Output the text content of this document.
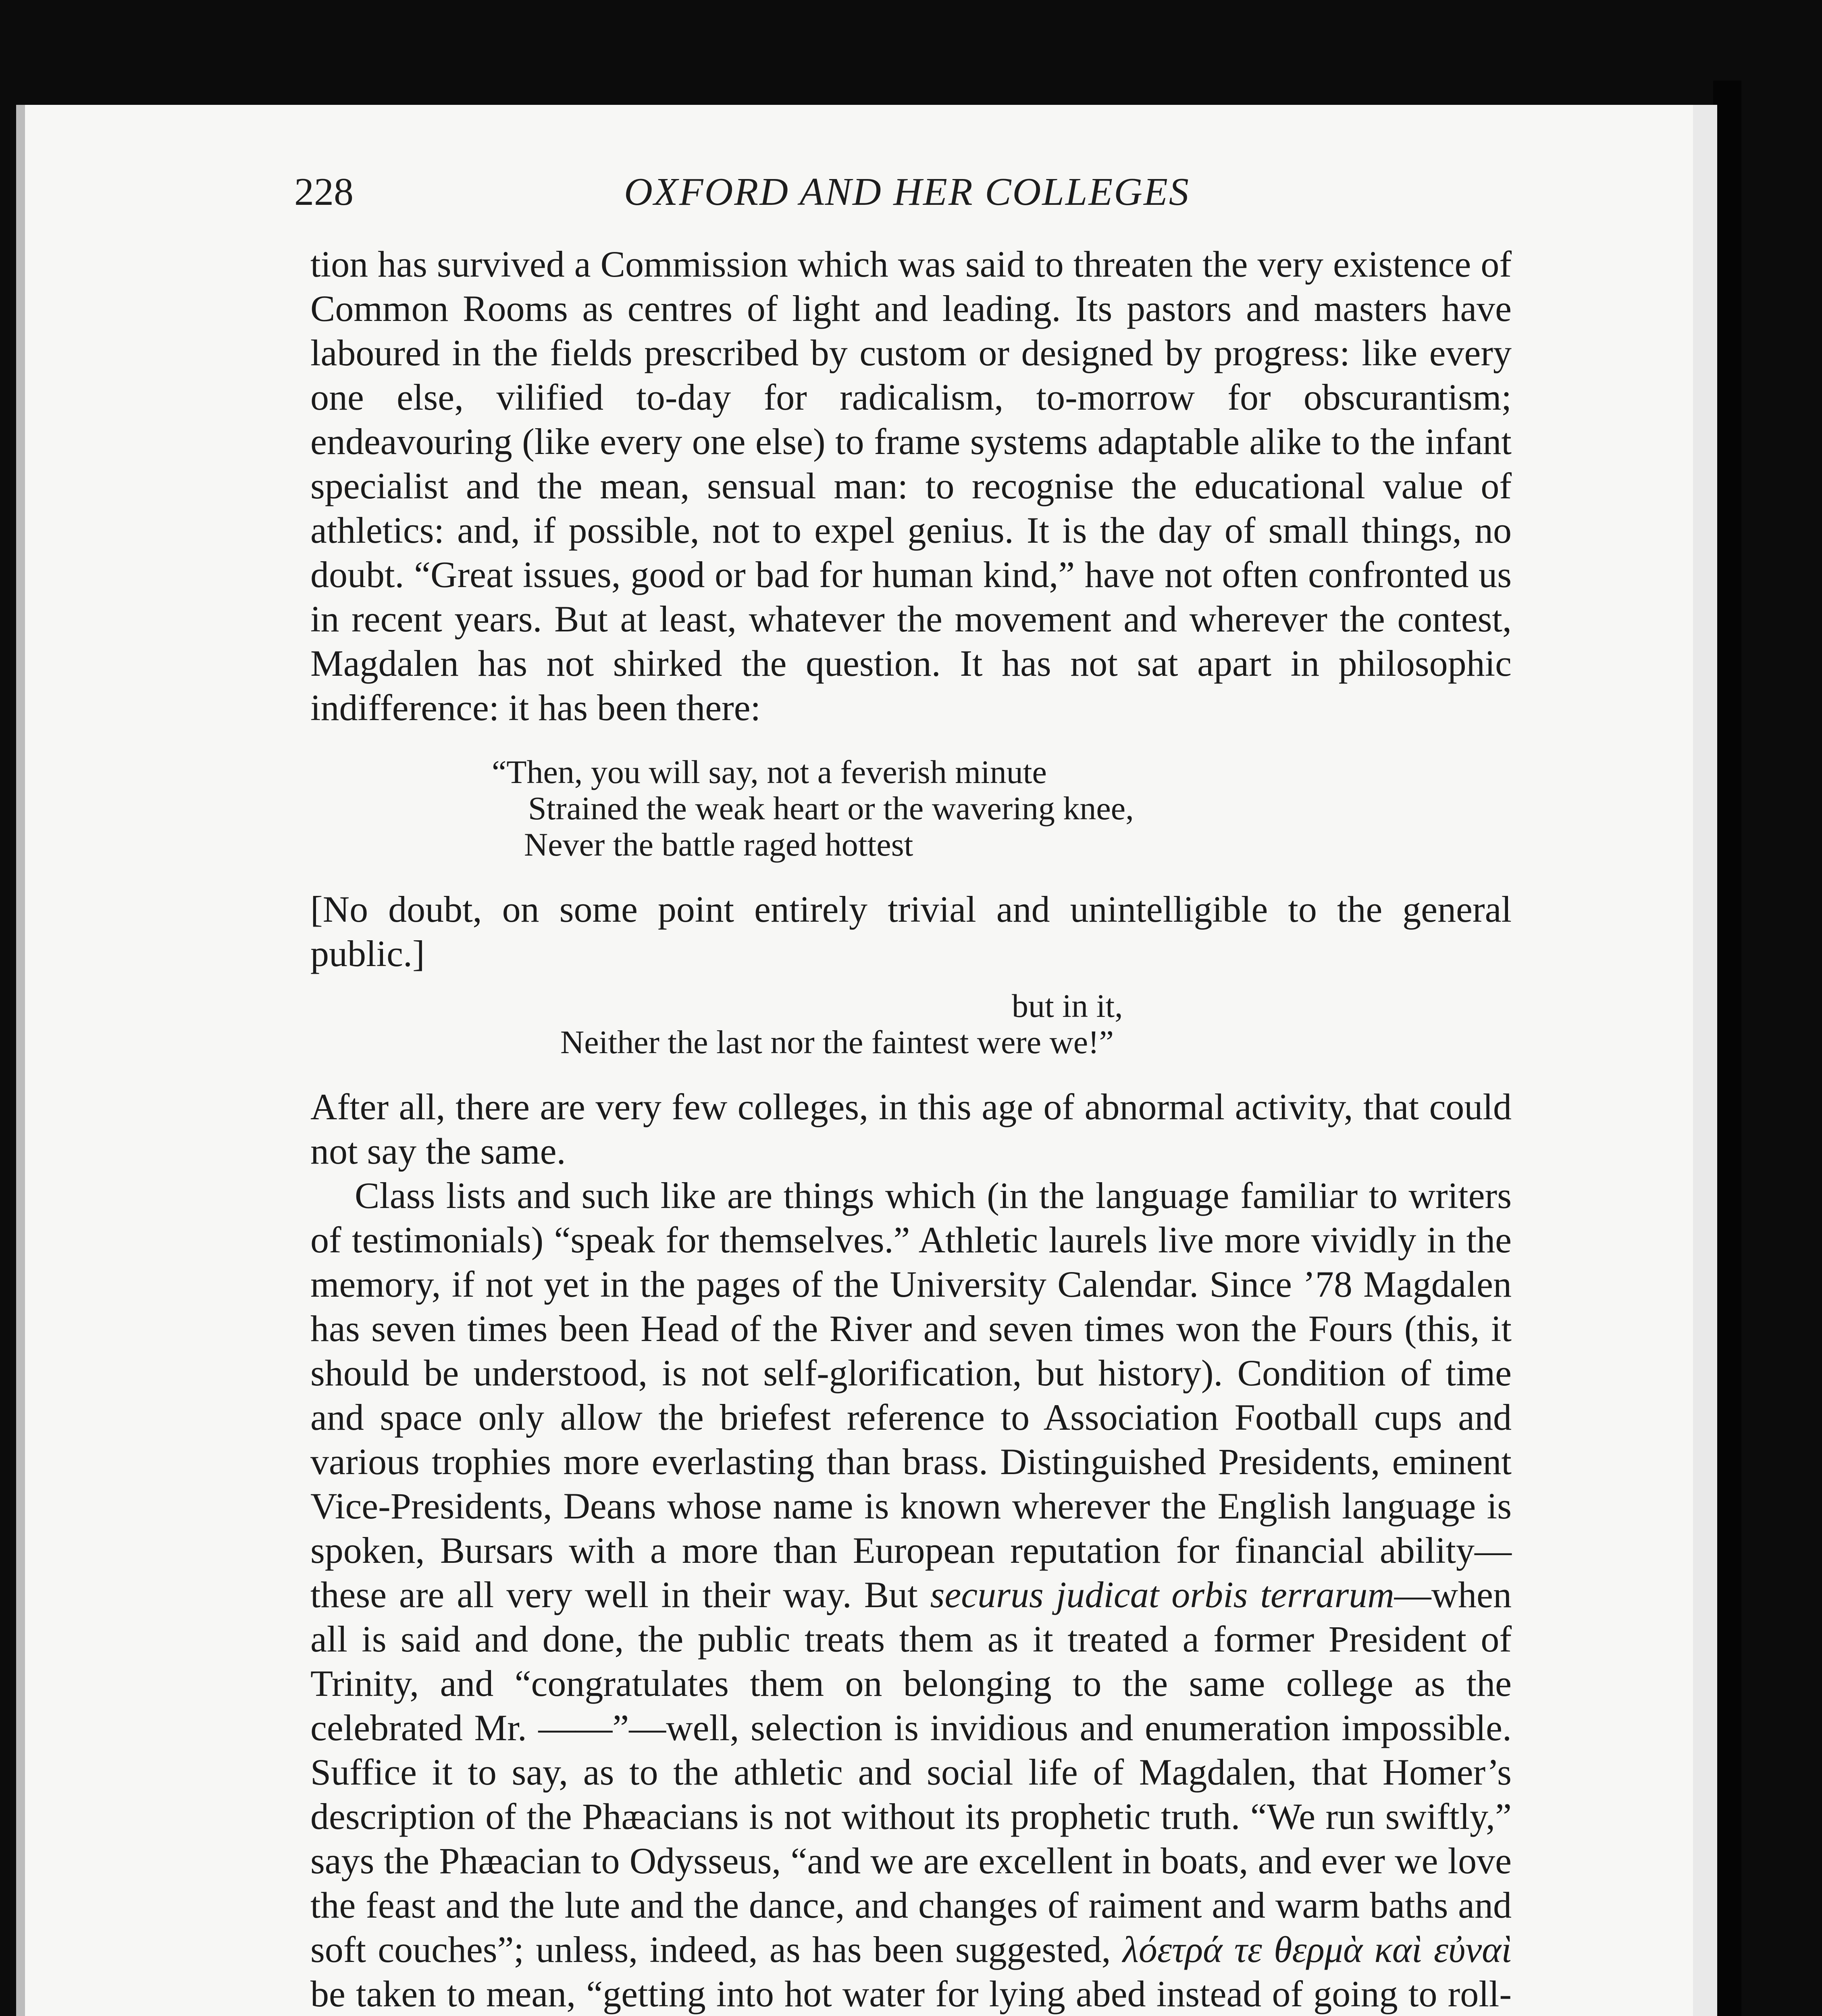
228	OXFORD AND HER COLLEGES

tion has survived a Commission which was said to threaten the very existence of Common Rooms as centres of light and leading. Its pastors and masters have laboured in the fields prescribed by custom or designed by progress: like every one else, vilified to-day for radicalism, to-morrow for obscurantism; endeavouring (like every one else) to frame systems adaptable alike to the infant specialist and the mean, sensual man: to recognise the educational value of athletics: and, if possible, not to expel genius. It is the day of small things, no doubt. “Great issues, good or bad for human kind,” have not often confronted us in recent years. But at least, whatever the movement and wherever the contest, Magdalen has not shirked the question. It has not sat apart in philosophic indifference: it has been there:

“Then, you will say, not a feverish minute
Strained the weak heart or the wavering knee,
Never the battle raged hottest

[No doubt, on some point entirely trivial and unintelligible to the general public.]

but in it,
Neither the last nor the faintest were we!”

After all, there are very few colleges, in this age of abnormal activity, that could not say the same.

Class lists and such like are things which (in the language familiar to writers of testimonials) “speak for themselves.” Athletic laurels live more vividly in the memory, if not yet in the pages of the University Calendar. Since ’78 Magdalen has seven times been Head of the River and seven times won the Fours (this, it should be understood, is not self-glorification, but history). Condition of time and space only allow the briefest reference to Association Football cups and various trophies more everlasting than brass. Distinguished Presidents, eminent Vice-Presidents, Deans whose name is known wherever the English language is spoken, Bursars with a more than European reputation for financial ability—these are all very well in their way. But securus judicat orbis terrarum—when all is said and done, the public treats them as it treated a former President of Trinity, and “congratulates them on belonging to the same college as the celebrated Mr. ——”—well, selection is invidious and enumeration impossible. Suffice it to say, as to the athletic and social life of Magdalen, that Homer’s description of the Phæacians is not without its prophetic truth. “We run swiftly,” says the Phæacian to Odysseus, “and we are excellent in boats, and ever we love the feast and the lute and the dance, and changes of raiment and warm baths and soft couches”; unless, indeed, as has been suggested, λόετρά τε θερμὰ καὶ εὐναὶ be taken to mean, “getting into hot water for lying abed instead of going to roll-
